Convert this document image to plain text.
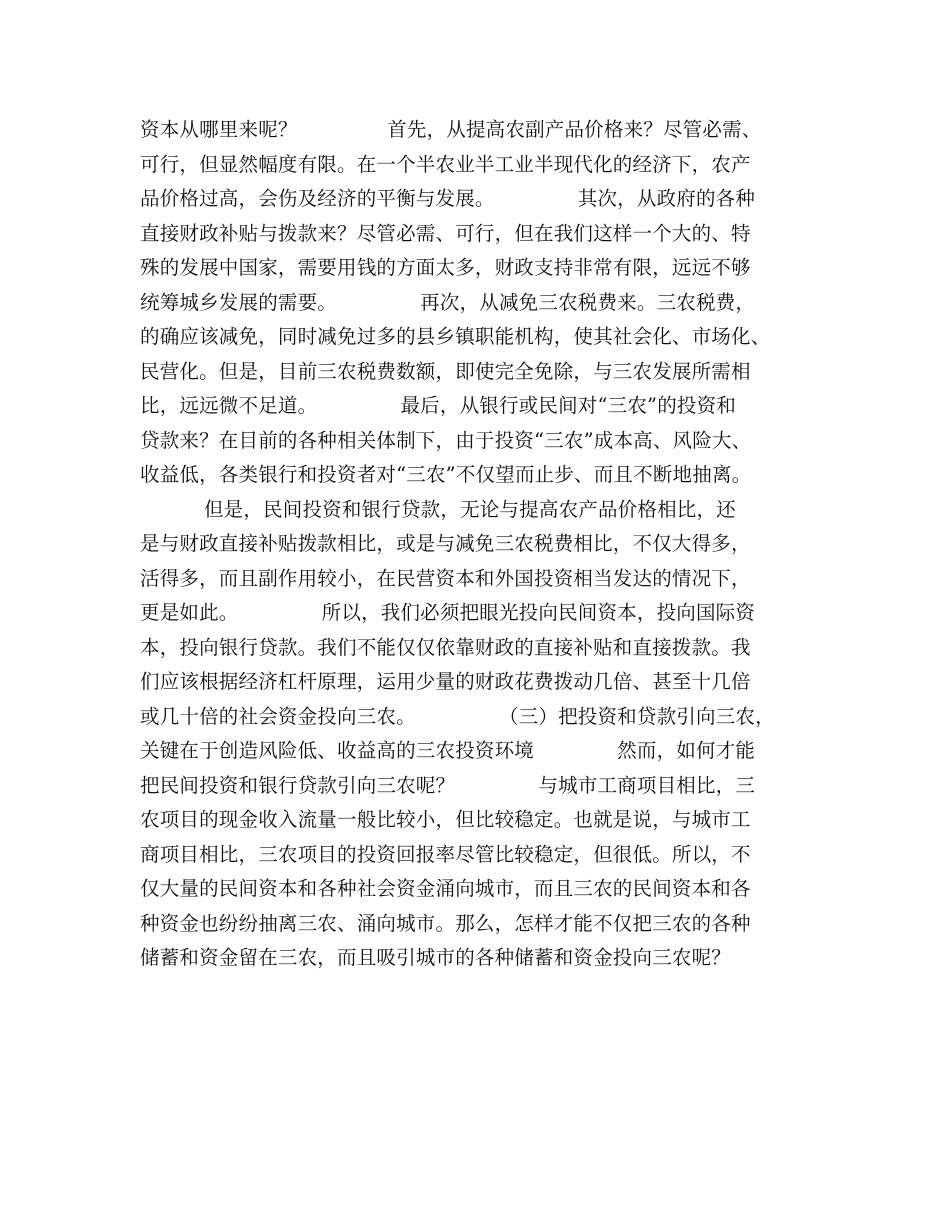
资本从哪里来呢？              首先，从提高农副产品价格来？尽管必需、
可行，但显然幅度有限。在一个半农业半工业半现代化的经济下，农产
品价格过高，会伤及经济的平衡与发展。             其次，从政府的各种
直接财政补贴与拨款来？尽管必需、可行，但在我们这样一个大的、特
殊的发展中国家，需要用钱的方面太多，财政支持非常有限，远远不够
统筹城乡发展的需要。             再次，从减免三农税费来。三农税费，
的确应该减免，同时减免过多的县乡镇职能机构，使其社会化、市场化、
民营化。但是，目前三农税费数额，即使完全免除，与三农发展所需相
比，远远微不足道。             最后，从银行或民间对“三农”的投资和
贷款来？在目前的各种相关体制下，由于投资“三农”成本高、风险大、
收益低，各类银行和投资者对“三农”不仅望而止步、而且不断地抽离。
但是，民间投资和银行贷款，无论与提高农产品价格相比，还
是与财政直接补贴拨款相比，或是与减免三农税费相比，不仅大得多，
活得多，而且副作用较小，在民营资本和外国投资相当发达的情况下，
更是如此。             所以，我们必须把眼光投向民间资本，投向国际资
本，投向银行贷款。我们不能仅仅依靠财政的直接补贴和直接拨款。我
们应该根据经济杠杆原理，运用少量的财政花费拨动几倍、甚至十几倍
或几十倍的社会资金投向三农。             （三）把投资和贷款引向三农，
关键在于创造风险低、收益高的三农投资环境             然而，如何才能
把民间投资和银行贷款引向三农呢？             与城市工商项目相比，三
农项目的现金收入流量一般比较小，但比较稳定。也就是说，与城市工
商项目相比，三农项目的投资回报率尽管比较稳定，但很低。所以，不
仅大量的民间资本和各种社会资金涌向城市，而且三农的民间资本和各
种资金也纷纷抽离三农、涌向城市。那么，怎样才能不仅把三农的各种
储蓄和资金留在三农，而且吸引城市的各种储蓄和资金投向三农呢？
